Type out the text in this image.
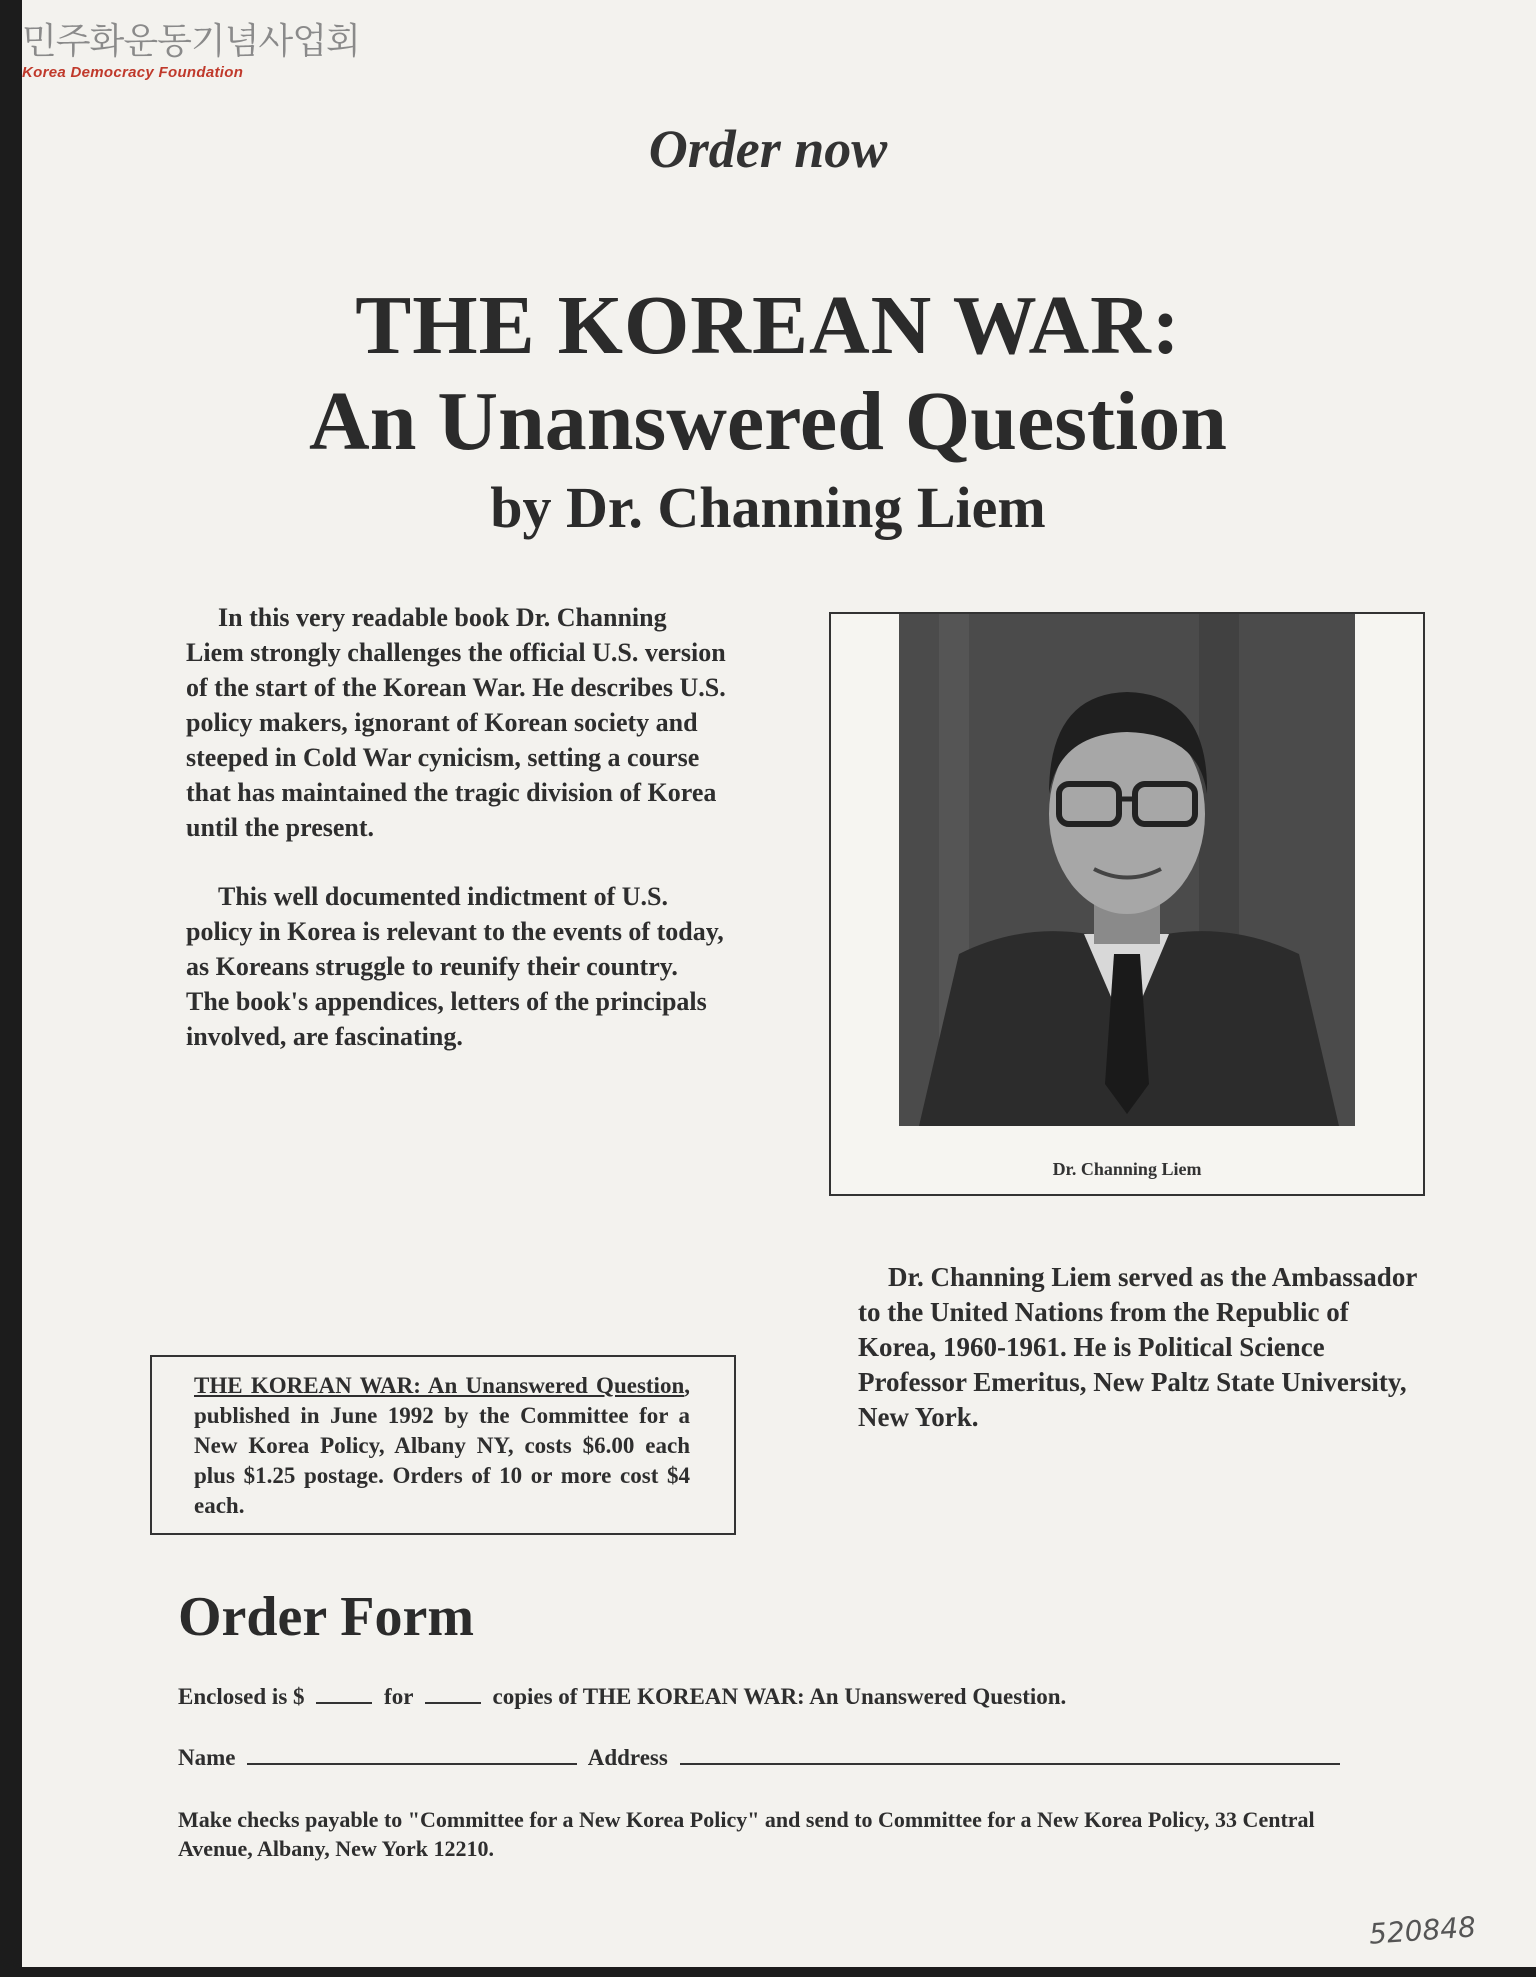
민주화운동기념사업회
Korea Democracy Foundation
Order now
THE KOREAN WAR:
An Unanswered Question
by Dr. Channing Liem

In this very readable book Dr. Channing Liem strongly challenges the official U.S. version of the start of the Korean War. He describes U.S. policy makers, ignorant of Korean society and steeped in Cold War cynicism, setting a course that has maintained the tragic division of Korea until the present.

This well documented indictment of U.S. policy in Korea is relevant to the events of today, as Koreans struggle to reunify their country. The book's appendices, letters of the principals involved, are fascinating.

Dr. Channing Liem

Dr. Channing Liem served as the Ambassador to the United Nations from the Republic of Korea, 1960-1961. He is Political Science Professor Emeritus, New Paltz State University, New York.

THE KOREAN WAR: An Unanswered Question, published in June 1992 by the Committee for a New Korea Policy, Albany NY, costs $6.00 each plus $1.25 postage. Orders of 10 or more cost $4 each.
Order Form
Enclosed is $	for	copies of THE KOREAN WAR: An Unanswered Question.
Name	Address
Make checks payable to "Committee for a New Korea Policy" and send to Committee for a New Korea Policy, 33 Central Avenue, Albany, New York 12210.
520848
